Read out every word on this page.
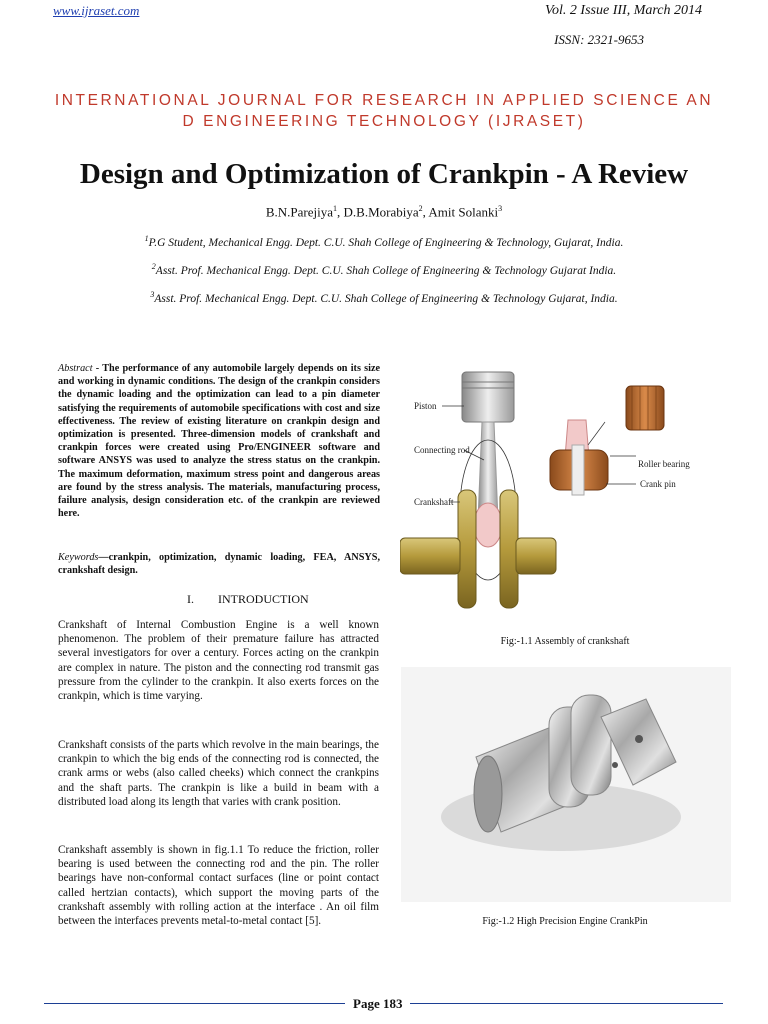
www.ijraset.com	Vol. 2 Issue III, March 2014
ISSN: 2321-9653
INTERNATIONAL JOURNAL FOR RESEARCH IN APPLIED SCIENCE AN
D ENGINEERING TECHNOLOGY (IJRASET)
Design and Optimization of Crankpin - A Review
B.N.Parejiya$^1$, D.B.Morabiya$^2$, Amit Solanki$^3$
$^1$P.G Student, Mechanical Engg. Dept. C.U. Shah College of Engineering & Technology, Gujarat, India.
$^2$Asst. Prof. Mechanical Engg. Dept. C.U. Shah College of Engineering & Technology Gujarat India.
$^3$Asst. Prof. Mechanical Engg. Dept. C.U. Shah College of Engineering & Technology Gujarat, India.
Abstract - The performance of any automobile largely depends on its size and working in dynamic conditions. The design of the crankpin considers the dynamic loading and the optimization can lead to a pin diameter satisfying the requirements of automobile specifications with cost and size effectiveness. The review of existing literature on crankpin design and optimization is presented. Three-dimension models of crankshaft and crankpin forces were created using Pro/ENGINEER software and software ANSYS was used to analyze the stress status on the crankpin. The maximum deformation, maximum stress point and dangerous areas are found by the stress analysis. The materials, manufacturing process, failure analysis, design consideration etc. of the crankpin are reviewed here.
Keywords—crankpin, optimization, dynamic loading, FEA, ANSYS, crankshaft design.
I. INTRODUCTION
Crankshaft of Internal Combustion Engine is a well known phenomenon. The problem of their premature failure has attracted several investigators for over a century. Forces acting on the crankpin are complex in nature. The piston and the connecting rod transmit gas pressure from the cylinder to the crankpin. It also exerts forces on the crankpin, which is time varying.
Crankshaft consists of the parts which revolve in the main bearings, the crankpin to which the big ends of the connecting rod is connected, the crank arms or webs (also called cheeks) which connect the crankpins and the shaft parts. The crankpin is like a build in beam with a distributed load along its length that varies with crank position.
Crankshaft assembly is shown in fig.1.1 To reduce the friction, roller bearing is used between the connecting rod and the pin. The roller bearings have non-conformal contact surfaces (line or point contact called hertzian contacts), which support the moving parts of the crankshaft assembly with rolling action at the interface . An oil film between the interfaces prevents metal-to-metal contact [5].
Piston
Connecting rod
Crankshaft
Roller bearing
Crank pin
Fig:-1.1 Assembly of crankshaft
Fig:-1.2 High Precision Engine CrankPin
Page 183
